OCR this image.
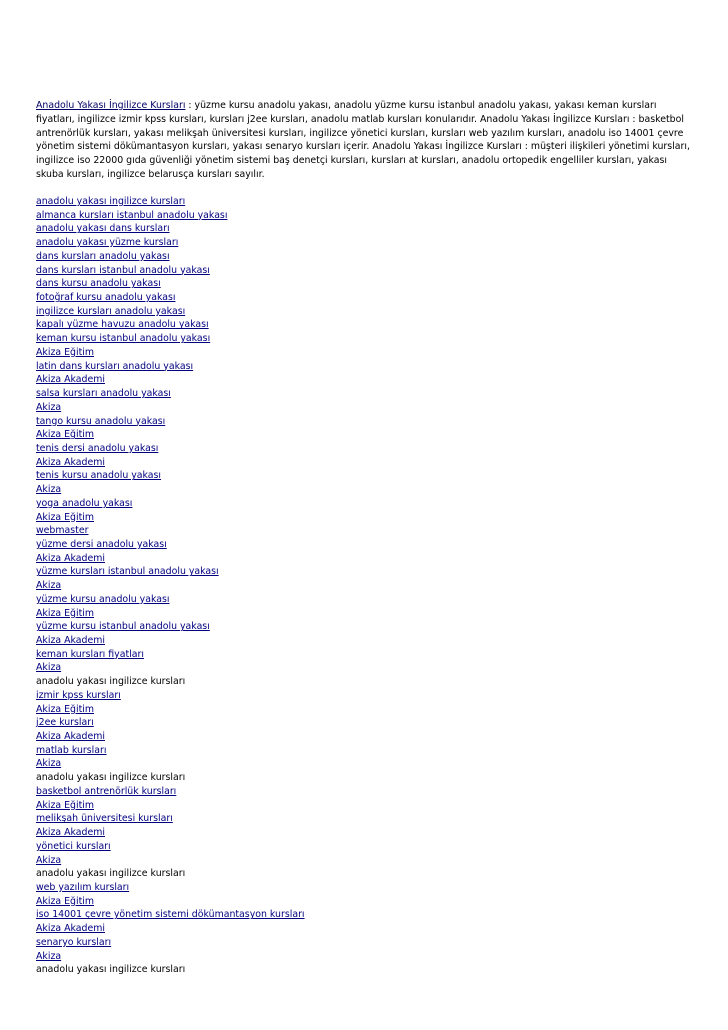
Anadolu Yakası İngilizce Kursları : yüzme kursu anadolu yakası, anadolu yüzme kursu istanbul anadolu yakası, yakası keman kursları fiyatları, ingilizce izmir kpss kursları, kursları j2ee kursları, anadolu matlab kursları konularıdır. Anadolu Yakası İngilizce Kursları : basketbol antrenörlük kursları, yakası melikşah üniversitesi kursları, ingilizce yönetici kursları, kursları web yazılım kursları, anadolu iso 14001 çevre yönetim sistemi dökümantasyon kursları, yakası senaryo kursları içerir. Anadolu Yakası İngilizce Kursları : müşteri ilişkileri yönetimi kursları, ingilizce iso 22000 gıda güvenliği yönetim sistemi baş denetçi kursları, kursları at kursları, anadolu ortopedik engelliler kursları, yakası skuba kursları, ingilizce belarusça kursları sayılır.

anadolu yakası ingilizce kursları
almanca kursları istanbul anadolu yakası
anadolu yakası dans kursları
anadolu yakası yüzme kursları
dans kursları anadolu yakası
dans kursları istanbul anadolu yakası
dans kursu anadolu yakası
fotoğraf kursu anadolu yakası
ingilizce kursları anadolu yakası
kapalı yüzme havuzu anadolu yakası
keman kursu istanbul anadolu yakası
Akiza Eğitim
latin dans kursları anadolu yakası
Akiza Akademi
salsa kursları anadolu yakası
Akiza
tango kursu anadolu yakası
Akiza Eğitim
tenis dersi anadolu yakası
Akiza Akademi
tenis kursu anadolu yakası
Akiza
yoga anadolu yakası
Akiza Eğitim
webmaster
yüzme dersi anadolu yakası
Akiza Akademi
yüzme kursları istanbul anadolu yakası
Akiza
yüzme kursu anadolu yakası
Akiza Eğitim
yüzme kursu istanbul anadolu yakası
Akiza Akademi
keman kursları fiyatları
Akiza
anadolu yakası ingilizce kursları
izmir kpss kursları
Akiza Eğitim
j2ee kursları
Akiza Akademi
matlab kursları
Akiza
anadolu yakası ingilizce kursları
basketbol antrenörlük kursları
Akiza Eğitim
melikşah üniversitesi kursları
Akiza Akademi
yönetici kursları
Akiza
anadolu yakası ingilizce kursları
web yazılım kursları
Akiza Eğitim
iso 14001 çevre yönetim sistemi dökümantasyon kursları
Akiza Akademi
senaryo kursları
Akiza
anadolu yakası ingilizce kursları
